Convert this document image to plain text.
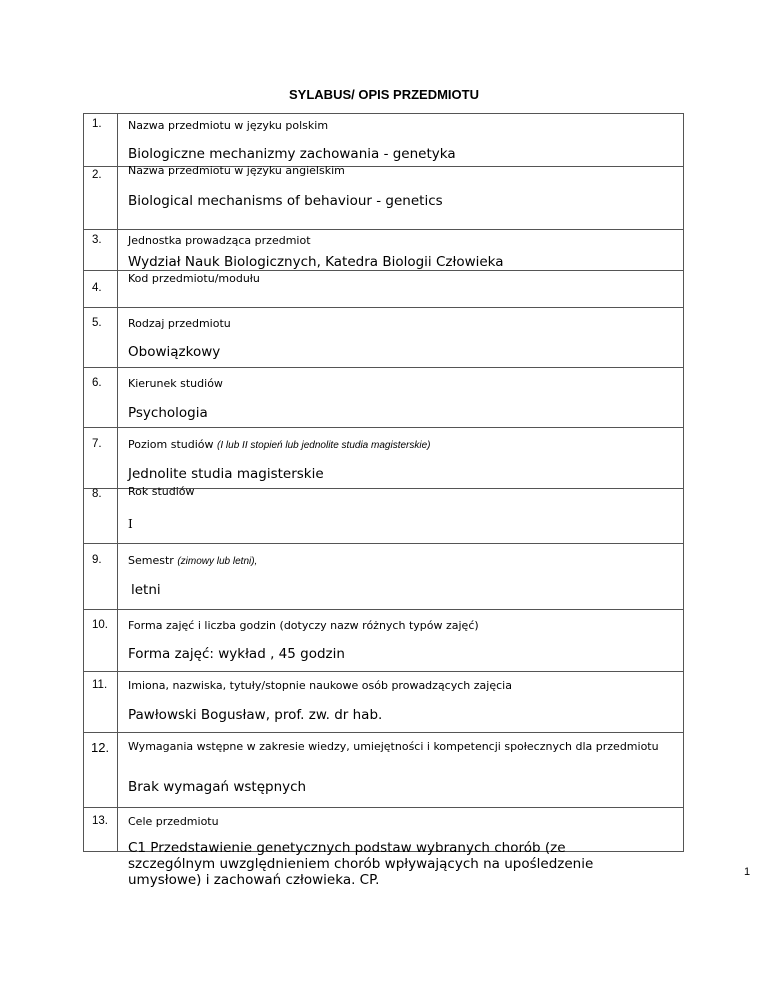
SYLABUS/ OPIS PRZEDMIOTU
1. Nazwa przedmiotu w języku polskim
Biologiczne mechanizmy zachowania - genetyka
2. Nazwa przedmiotu w języku angielskim
Biological mechanisms of behaviour - genetics
3. Jednostka prowadząca przedmiot
Wydział Nauk Biologicznych, Katedra Biologii Człowieka
4.
Kod przedmiotu/modułu
5. Rodzaj przedmiotu
Obowiązkowy
6. Kierunek studiów
Psychologia
7. Poziom studiów (I lub II stopień lub jednolite studia magisterskie)
Jednolite studia magisterskie
8. Rok studiów
I
9. Semestr (zimowy lub letni),
letni
10. Forma zajęć i liczba godzin (dotyczy nazw różnych typów zajęć)
Forma zajęć: wykład , 45 godzin
11. Imiona, nazwiska, tytuły/stopnie naukowe osób prowadzących zajęcia
Pawłowski Bogusław, prof. zw. dr hab.
12. Wymagania wstępne w zakresie wiedzy, umiejętności i kompetencji społecznych dla przedmiotu
Brak wymagań wstępnych
13. Cele przedmiotu
C1 Przedstawienie genetycznych podstaw wybranych chorób (ze szczególnym uwzględnieniem chorób wpływających na upośledzenie umysłowe) i zachowań człowieka. CP.	1
